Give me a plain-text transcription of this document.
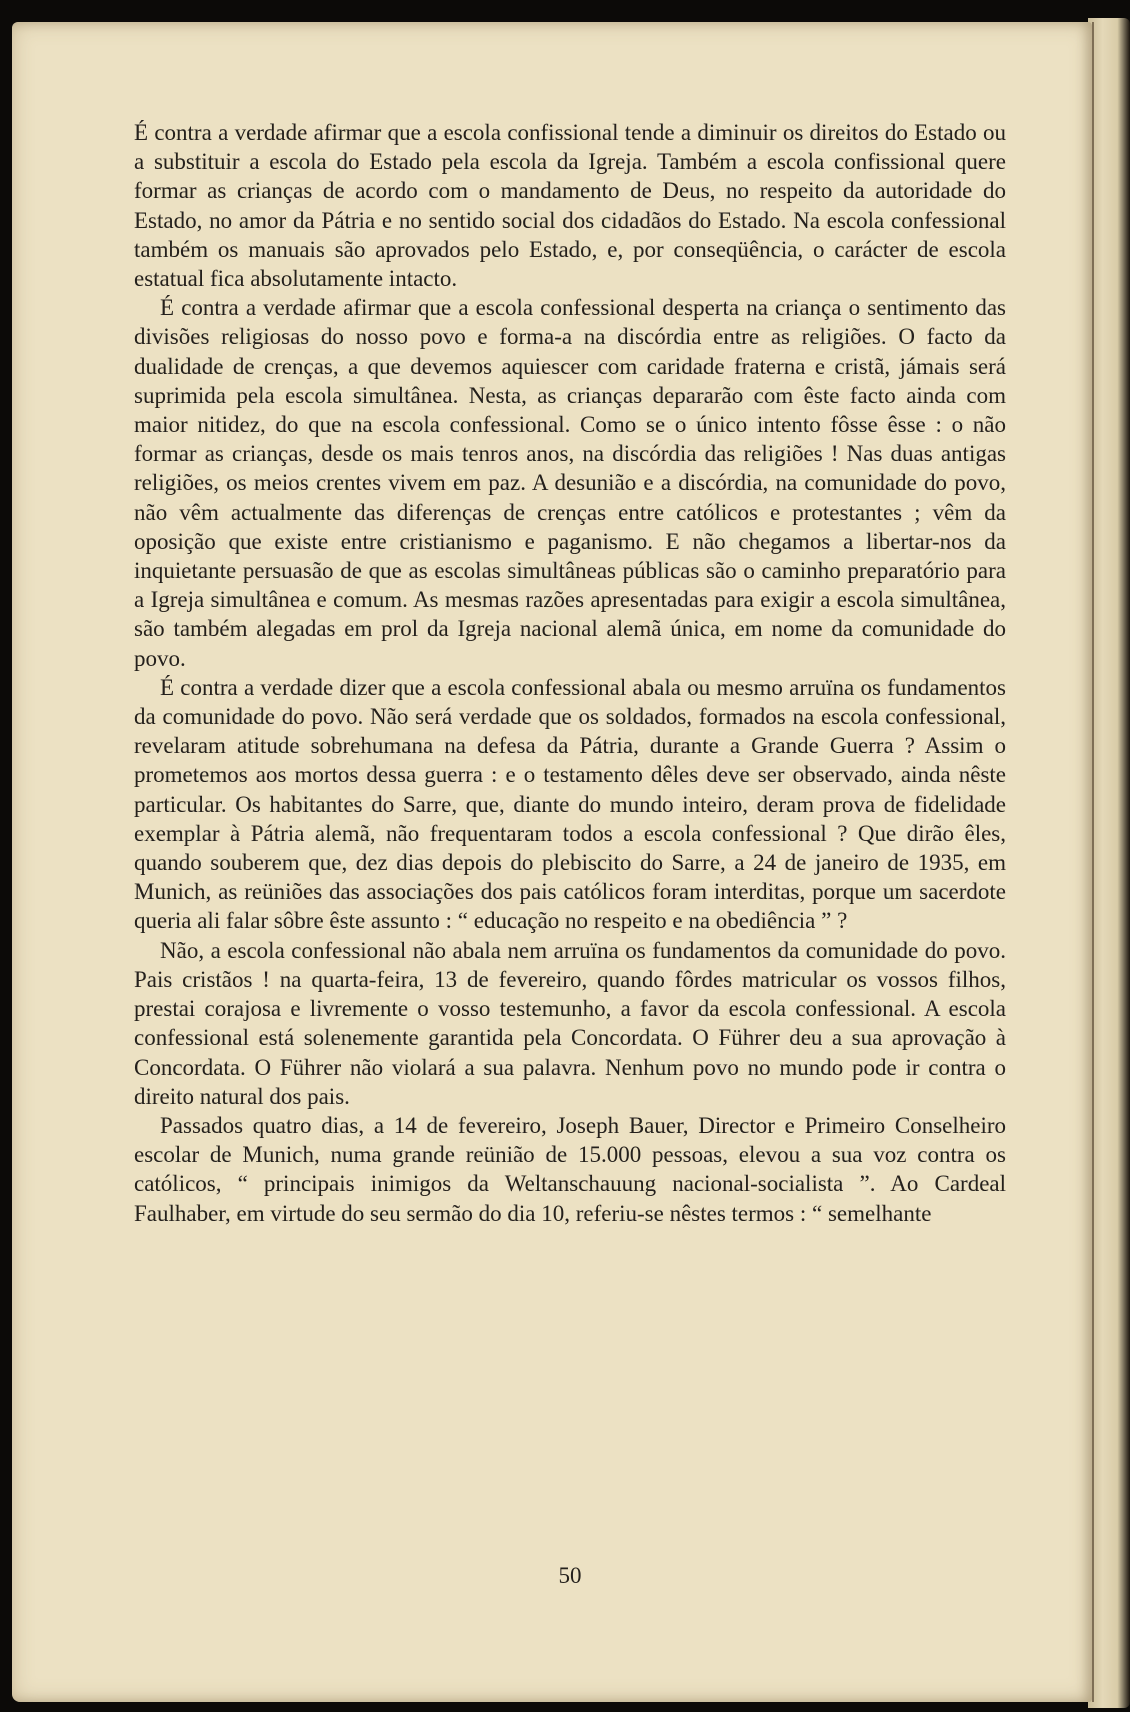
É contra a verdade afirmar que a escola confissional tende a diminuir os direitos do Estado ou a substituir a escola do Estado pela escola da Igreja. Também a escola confissional quere formar as crianças de acordo com o mandamento de Deus, no respeito da autoridade do Estado, no amor da Pátria e no sentido social dos cidadãos do Estado. Na escola confessional também os manuais são aprovados pelo Estado, e, por conseqüência, o carácter de escola estatual fica absolutamente intacto.

É contra a verdade afirmar que a escola confessional desperta na criança o sentimento das divisões religiosas do nosso povo e forma-a na discórdia entre as religiões. O facto da dualidade de crenças, a que devemos aquiescer com caridade fraterna e cristã, jámais será suprimida pela escola simultânea. Nesta, as crianças depararão com êste facto ainda com maior nitidez, do que na escola confessional. Como se o único intento fôsse êsse : o não formar as crianças, desde os mais tenros anos, na discórdia das religiões ! Nas duas antigas religiões, os meios crentes vivem em paz. A desunião e a discórdia, na comunidade do povo, não vêm actualmente das diferenças de crenças entre católicos e protestantes ; vêm da oposição que existe entre cristianismo e paganismo. E não chegamos a libertar-nos da inquietante persuasão de que as escolas simultâneas públicas são o caminho preparatório para a Igreja simultânea e comum. As mesmas razões apresentadas para exigir a escola simultânea, são também alegadas em prol da Igreja nacional alemã única, em nome da comunidade do povo.

É contra a verdade dizer que a escola confessional abala ou mesmo arruïna os fundamentos da comunidade do povo. Não será verdade que os soldados, formados na escola confessional, revelaram atitude sobrehumana na defesa da Pátria, durante a Grande Guerra ? Assim o prometemos aos mortos dessa guerra : e o testamento dêles deve ser observado, ainda nêste particular. Os habitantes do Sarre, que, diante do mundo inteiro, deram prova de fidelidade exemplar à Pátria alemã, não frequentaram todos a escola confessional ? Que dirão êles, quando souberem que, dez dias depois do plebiscito do Sarre, a 24 de janeiro de 1935, em Munich, as reüniões das associações dos pais católicos foram interditas, porque um sacerdote queria ali falar sôbre êste assunto : “ educação no respeito e na obediência ” ?

Não, a escola confessional não abala nem arruïna os fundamentos da comunidade do povo. Pais cristãos ! na quarta-feira, 13 de fevereiro, quando fôrdes matricular os vossos filhos, prestai corajosa e livremente o vosso testemunho, a favor da escola confessional. A escola confessional está solenemente garantida pela Concordata. O Führer deu a sua aprovação à Concordata. O Führer não violará a sua palavra. Nenhum povo no mundo pode ir contra o direito natural dos pais.

Passados quatro dias, a 14 de fevereiro, Joseph Bauer, Director e Primeiro Conselheiro escolar de Munich, numa grande reünião de 15.000 pessoas, elevou a sua voz contra os católicos, “ principais inimigos da Weltanschauung nacional-socialista ”. Ao Cardeal Faulhaber, em virtude do seu sermão do dia 10, referiu-se nêstes termos : “ semelhante

50
